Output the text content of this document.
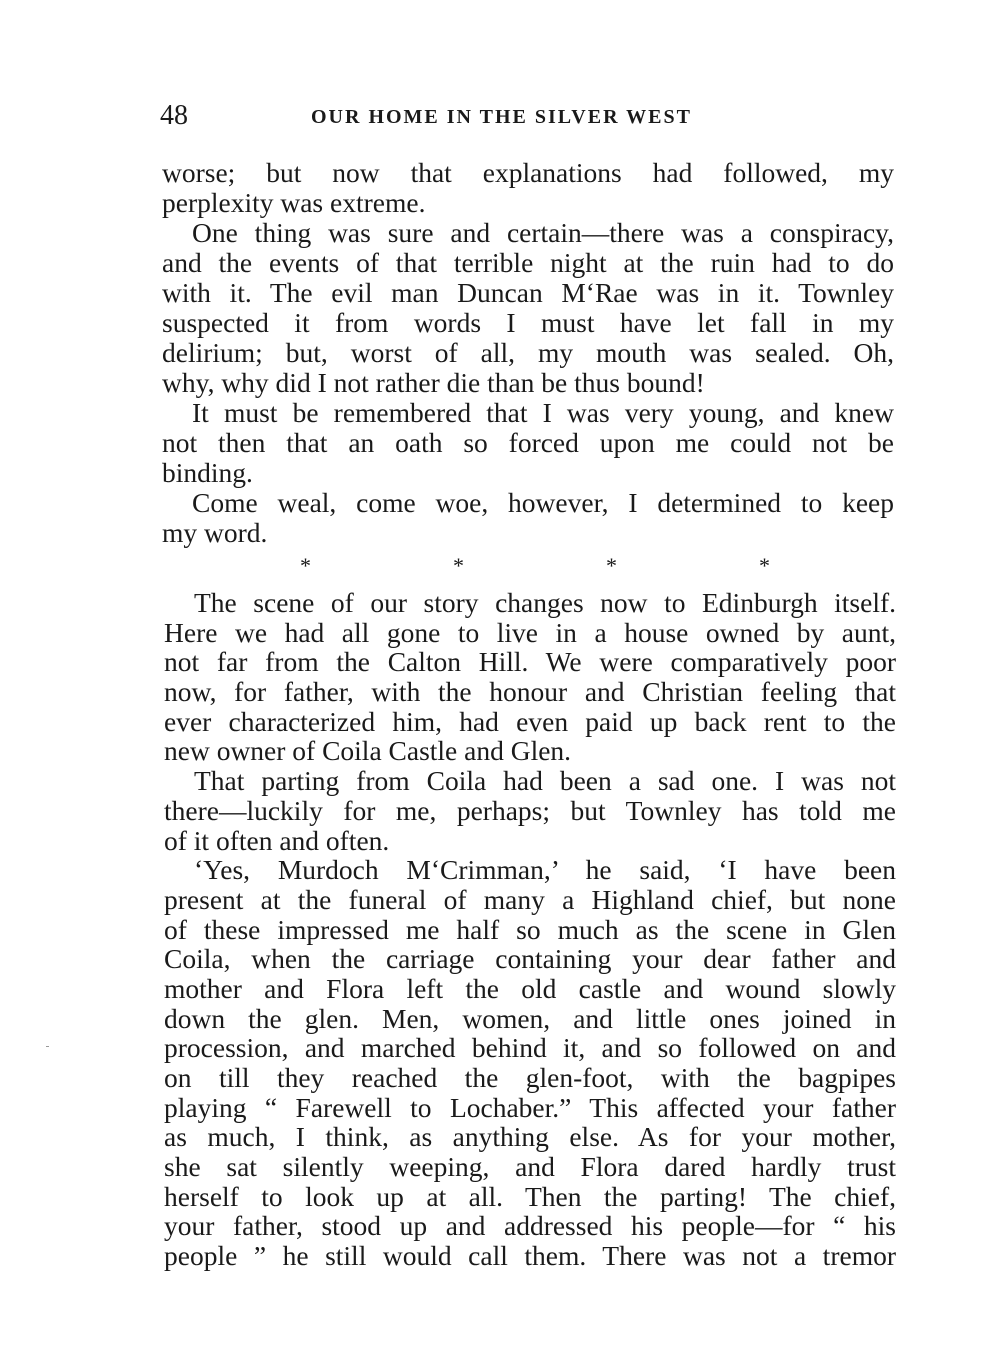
48	OUR HOME IN THE SILVER WEST
worse; but now that explanations had followed, my
perplexity was extreme.
One thing was sure and certain—there was a conspiracy,
and the events of that terrible night at the ruin had to do
with it. The evil man Duncan M‘Rae was in it. Townley
suspected it from words I must have let fall in my
delirium; but, worst of all, my mouth was sealed. Oh,
why, why did I not rather die than be thus bound!
It must be remembered that I was very young, and knew
not then that an oath so forced upon me could not be
binding.
Come weal, come woe, however, I determined to keep
my word.
*	*	*	*
The scene of our story changes now to Edinburgh itself.
Here we had all gone to live in a house owned by aunt,
not far from the Calton Hill. We were comparatively poor
now, for father, with the honour and Christian feeling that
ever characterized him, had even paid up back rent to the
new owner of Coila Castle and Glen.
That parting from Coila had been a sad one. I was not
there—luckily for me, perhaps; but Townley has told me
of it often and often.
‘Yes, Murdoch M‘Crimman,’ he said, ‘I have been
present at the funeral of many a Highland chief, but none
of these impressed me half so much as the scene in Glen
Coila, when the carriage containing your dear father and
mother and Flora left the old castle and wound slowly
down the glen. Men, women, and little ones joined in
procession, and marched behind it, and so followed on and
on till they reached the glen-foot, with the bagpipes
playing “ Farewell to Lochaber.” This affected your father
as much, I think, as anything else. As for your mother,
she sat silently weeping, and Flora dared hardly trust
herself to look up at all. Then the parting! The chief,
your father, stood up and addressed his people—for “ his
people ” he still would call them. There was not a tremor
